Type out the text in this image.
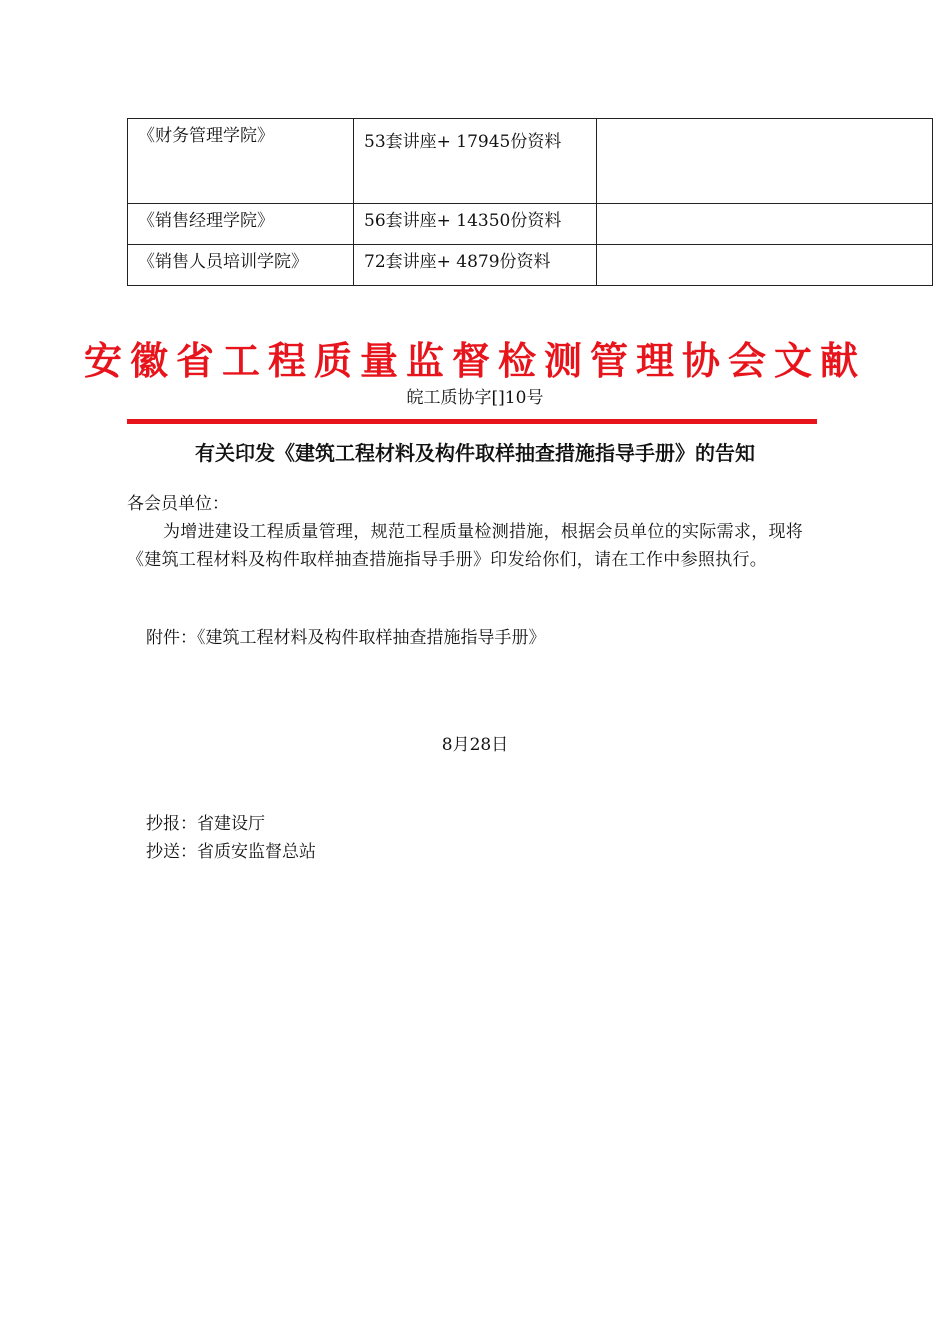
《财务管理学院》	53套讲座+ 17945份资料	
《销售经理学院》	56套讲座+ 14350份资料	
《销售人员培训学院》	72套讲座+ 4879份资料	
安徽省工程质量监督检测管理协会文献
皖工质协字[]10号
有关印发《建筑工程材料及构件取样抽查措施指导手册》的告知
各会员单位：
为增进建设工程质量管理，规范工程质量检测措施，根据会员单位的实际需求，现将《建筑工程材料及构件取样抽查措施指导手册》印发给你们，请在工作中参照执行。
附件：《建筑工程材料及构件取样抽查措施指导手册》
8月28日
抄报：省建设厅
抄送：省质安监督总站
